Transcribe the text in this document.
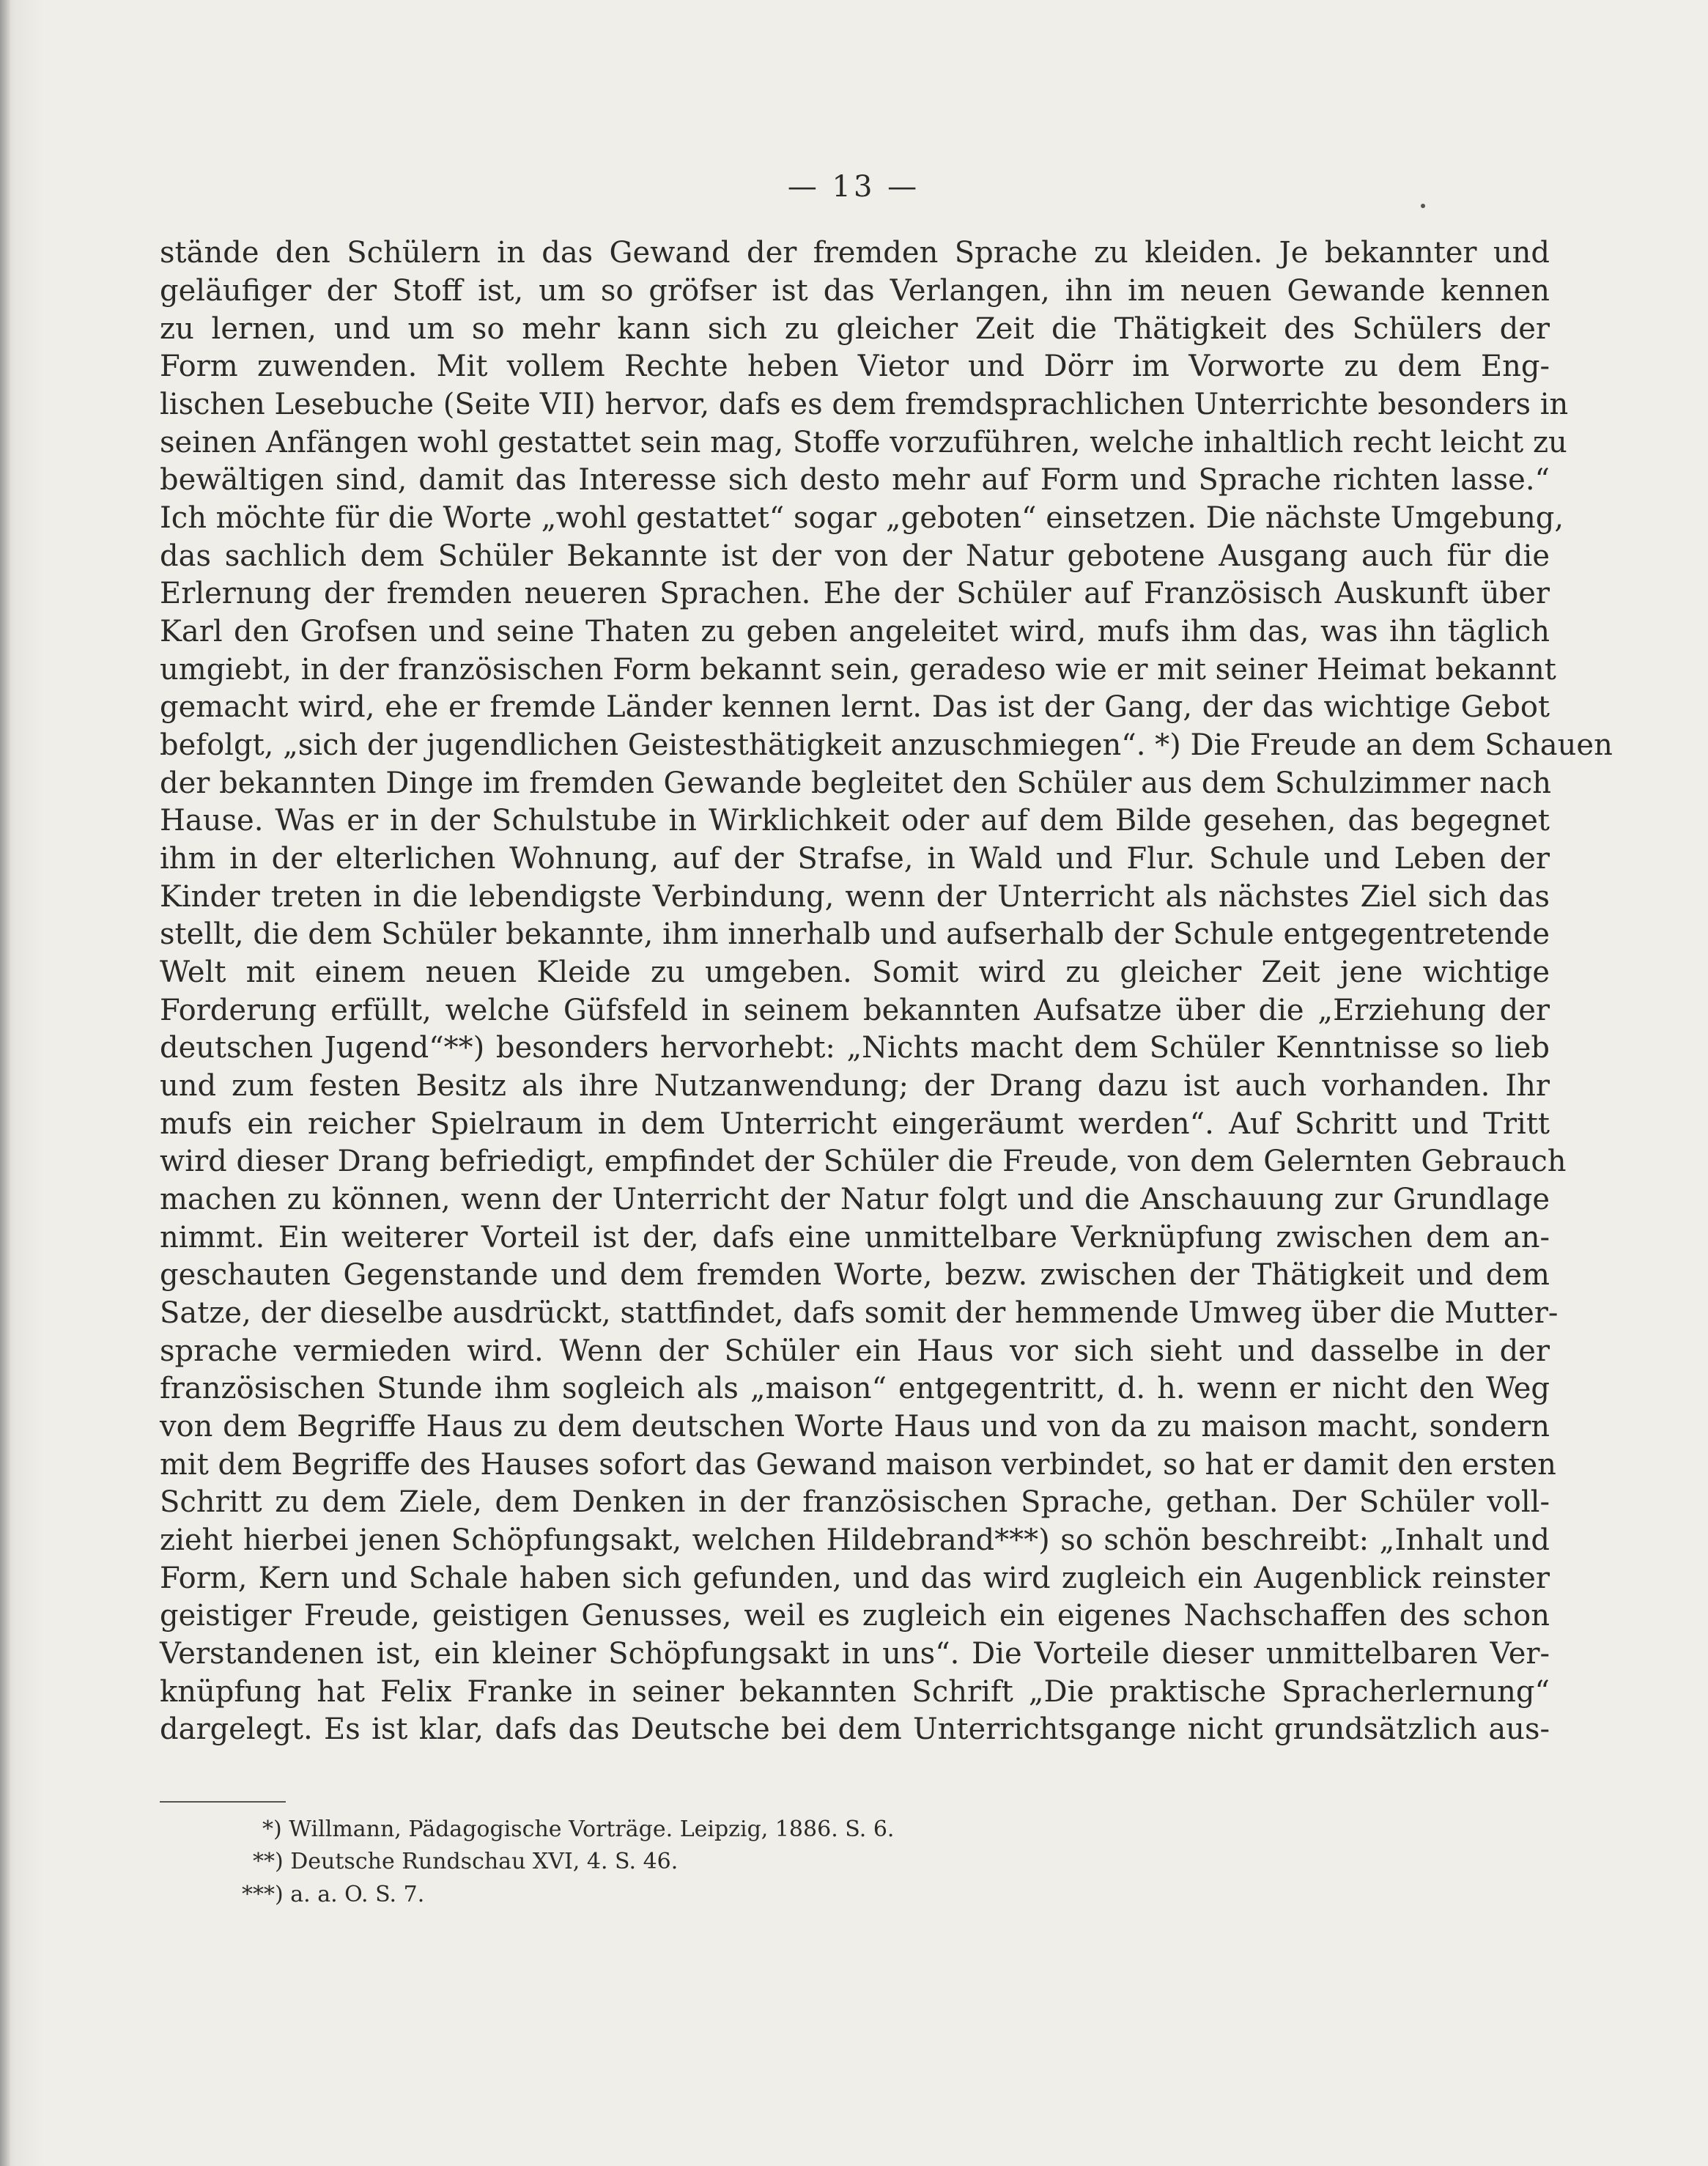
— 13 —
stände den Schülern in das Gewand der fremden Sprache zu kleiden. Je bekannter und
geläufiger der Stoff ist, um so gröfser ist das Verlangen, ihn im neuen Gewande kennen
zu lernen, und um so mehr kann sich zu gleicher Zeit die Thätigkeit des Schülers der
Form zuwenden. Mit vollem Rechte heben Vietor und Dörr im Vorworte zu dem Eng-
lischen Lesebuche (Seite VII) hervor, dafs es dem fremdsprachlichen Unterrichte besonders in
seinen Anfängen wohl gestattet sein mag, Stoffe vorzuführen, welche inhaltlich recht leicht zu
bewältigen sind, damit das Interesse sich desto mehr auf Form und Sprache richten lasse.“
Ich möchte für die Worte „wohl gestattet“ sogar „geboten“ einsetzen. Die nächste Umgebung,
das sachlich dem Schüler Bekannte ist der von der Natur gebotene Ausgang auch für die
Erlernung der fremden neueren Sprachen. Ehe der Schüler auf Französisch Auskunft über
Karl den Grofsen und seine Thaten zu geben angeleitet wird, mufs ihm das, was ihn täglich
umgiebt, in der französischen Form bekannt sein, geradeso wie er mit seiner Heimat bekannt
gemacht wird, ehe er fremde Länder kennen lernt. Das ist der Gang, der das wichtige Gebot
befolgt, „sich der jugendlichen Geistesthätigkeit anzuschmiegen“. *) Die Freude an dem Schauen
der bekannten Dinge im fremden Gewande begleitet den Schüler aus dem Schulzimmer nach
Hause. Was er in der Schulstube in Wirklichkeit oder auf dem Bilde gesehen, das begegnet
ihm in der elterlichen Wohnung, auf der Strafse, in Wald und Flur. Schule und Leben der
Kinder treten in die lebendigste Verbindung, wenn der Unterricht als nächstes Ziel sich das
stellt, die dem Schüler bekannte, ihm innerhalb und aufserhalb der Schule entgegentretende
Welt mit einem neuen Kleide zu umgeben. Somit wird zu gleicher Zeit jene wichtige
Forderung erfüllt, welche Güfsfeld in seinem bekannten Aufsatze über die „Erziehung der
deutschen Jugend“**) besonders hervorhebt: „Nichts macht dem Schüler Kenntnisse so lieb
und zum festen Besitz als ihre Nutzanwendung; der Drang dazu ist auch vorhanden. Ihr
mufs ein reicher Spielraum in dem Unterricht eingeräumt werden“. Auf Schritt und Tritt
wird dieser Drang befriedigt, empfindet der Schüler die Freude, von dem Gelernten Gebrauch
machen zu können, wenn der Unterricht der Natur folgt und die Anschauung zur Grundlage
nimmt. Ein weiterer Vorteil ist der, dafs eine unmittelbare Verknüpfung zwischen dem an-
geschauten Gegenstande und dem fremden Worte, bezw. zwischen der Thätigkeit und dem
Satze, der dieselbe ausdrückt, stattfindet, dafs somit der hemmende Umweg über die Mutter-
sprache vermieden wird. Wenn der Schüler ein Haus vor sich sieht und dasselbe in der
französischen Stunde ihm sogleich als „maison“ entgegentritt, d. h. wenn er nicht den Weg
von dem Begriffe Haus zu dem deutschen Worte Haus und von da zu maison macht, sondern
mit dem Begriffe des Hauses sofort das Gewand maison verbindet, so hat er damit den ersten
Schritt zu dem Ziele, dem Denken in der französischen Sprache, gethan. Der Schüler voll-
zieht hierbei jenen Schöpfungsakt, welchen Hildebrand***) so schön beschreibt: „Inhalt und
Form, Kern und Schale haben sich gefunden, und das wird zugleich ein Augenblick reinster
geistiger Freude, geistigen Genusses, weil es zugleich ein eigenes Nachschaffen des schon
Verstandenen ist, ein kleiner Schöpfungsakt in uns“. Die Vorteile dieser unmittelbaren Ver-
knüpfung hat Felix Franke in seiner bekannten Schrift „Die praktische Spracherlernung“
dargelegt. Es ist klar, dafs das Deutsche bei dem Unterrichtsgange nicht grundsätzlich aus-
*) Willmann, Pädagogische Vorträge. Leipzig, 1886. S. 6.
**) Deutsche Rundschau XVI, 4. S. 46.
***) a. a. O. S. 7.
